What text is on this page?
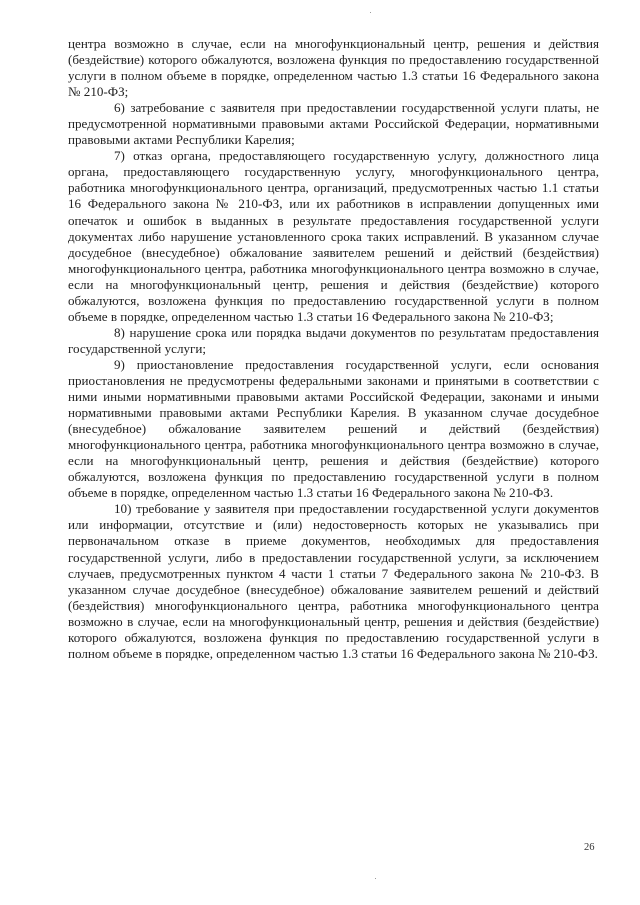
центра возможно в случае, если на многофункциональный центр, решения и действия (бездействие) которого обжалуются, возложена функция по предоставлению государственной услуги в полном объеме в порядке, определенном частью 1.3 статьи 16 Федерального закона № 210-ФЗ;

6) затребование с заявителя при предоставлении государственной услуги платы, не предусмотренной нормативными правовыми актами Российской Федерации, нормативными правовыми актами Республики Карелия;

7) отказ органа, предоставляющего государственную услугу, должностного лица органа, предоставляющего государственную услугу, многофункционального центра, работника многофункционального центра, организаций, предусмотренных частью 1.1 статьи 16 Федерального закона № 210-ФЗ, или их работников в исправлении допущенных ими опечаток и ошибок в выданных в результате предоставления государственной услуги документах либо нарушение установленного срока таких исправлений. В указанном случае досудебное (внесудебное) обжалование заявителем решений и действий (бездействия) многофункционального центра, работника многофункционального центра возможно в случае, если на многофункциональный центр, решения и действия (бездействие) которого обжалуются, возложена функция по предоставлению государственной услуги в полном объеме в порядке, определенном частью 1.3 статьи 16 Федерального закона № 210-ФЗ;

8) нарушение срока или порядка выдачи документов по результатам предоставления государственной услуги;

9) приостановление предоставления государственной услуги, если основания приостановления не предусмотрены федеральными законами и принятыми в соответствии с ними иными нормативными правовыми актами Российской Федерации, законами и иными нормативными правовыми актами Республики Карелия. В указанном случае досудебное (внесудебное) обжалование заявителем решений и действий (бездействия) многофункционального центра, работника многофункционального центра возможно в случае, если на многофункциональный центр, решения и действия (бездействие) которого обжалуются, возложена функция по предоставлению государственной услуги в полном объеме в порядке, определенном частью 1.3 статьи 16 Федерального закона № 210-ФЗ.

10) требование у заявителя при предоставлении государственной услуги документов или информации, отсутствие и (или) недостоверность которых не указывались при первоначальном отказе в приеме документов, необходимых для предоставления государственной услуги, либо в предоставлении государственной услуги, за исключением случаев, предусмотренных пунктом 4 части 1 статьи 7 Федерального закона № 210-ФЗ. В указанном случае досудебное (внесудебное) обжалование заявителем решений и действий (бездействия) многофункционального центра, работника многофункционального центра возможно в случае, если на многофункциональный центр, решения и действия (бездействие) которого обжалуются, возложена функция по предоставлению государственной услуги в полном объеме в порядке, определенном частью 1.3 статьи 16 Федерального закона № 210-ФЗ.

26
